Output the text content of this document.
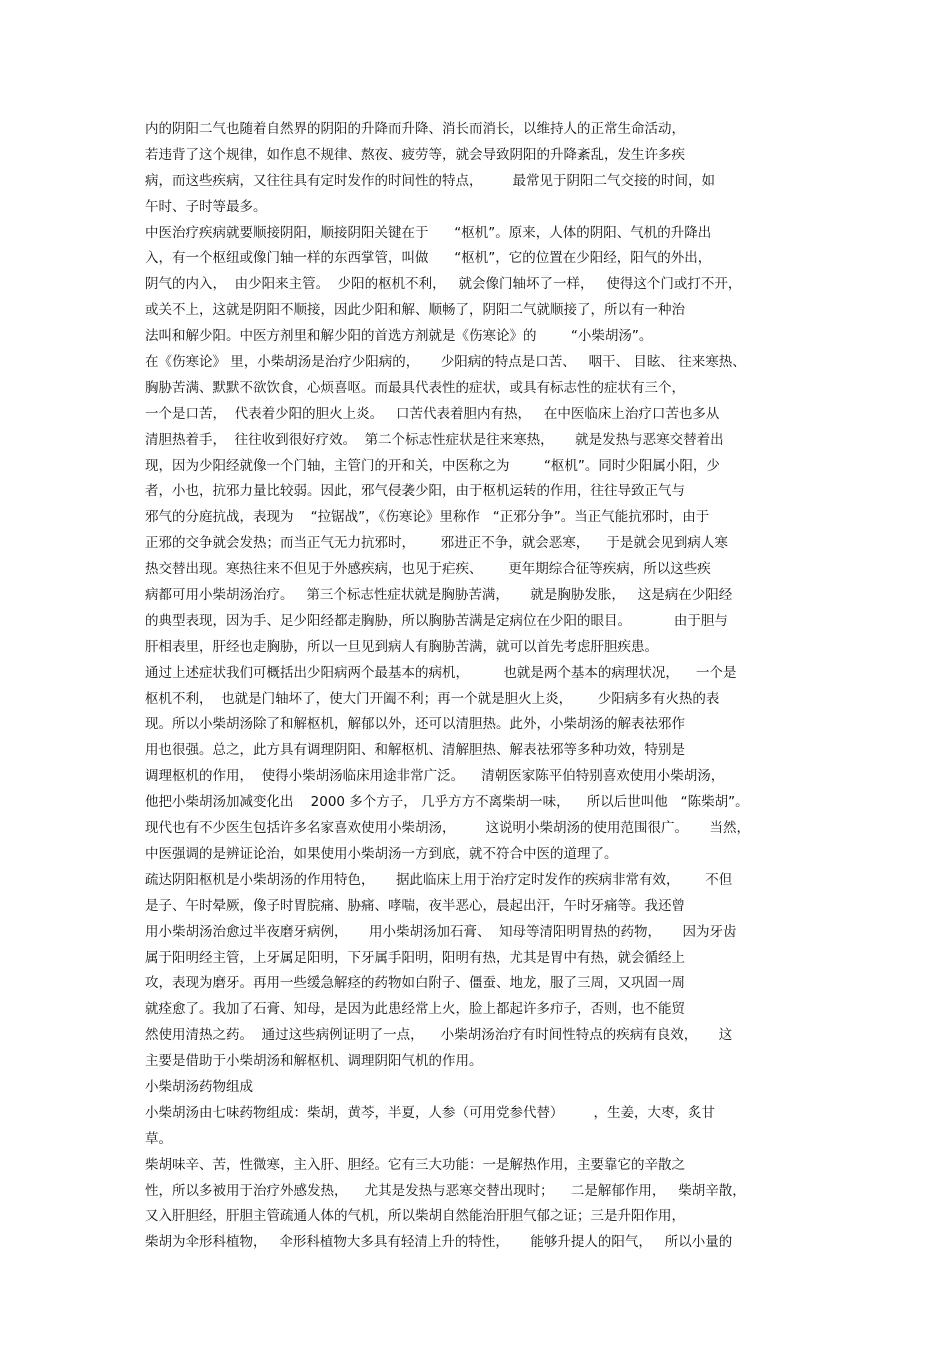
内的阴阳二气也随着自然界的阴阳的升降而升降、消长而消长，以维持人的正常生命活动，
若违背了这个规律，如作息不规律、熬夜、疲劳等，就会导致阴阳的升降紊乱，发生许多疾
病，而这些疾病，又往往具有定时发作的时间性的特点，       最常见于阴阳二气交接的时间，如
午时、子时等最多。
中医治疗疾病就要顺接阴阳，顺接阴阳关键在于      “枢机”。原来，人体的阴阳、气机的升降出
入，有一个枢纽或像门轴一样的东西掌管，叫做      “枢机”，它的位置在少阳经，阳气的外出，
阴气的内入，  由少阳来主管。  少阳的枢机不利，   就会像门轴坏了一样，   使得这个门或打不开，
或关不上，这就是阴阳不顺接，因此少阳和解、顺畅了，阴阳二气就顺接了，所以有一种治
法叫和解少阳。中医方剂里和解少阳的首选方剂就是《伤寒论》的        “小柴胡汤”。
在《伤寒论》 里，小柴胡汤是治疗少阳病的，     少阳病的特点是口苦、   咽干、 目眩、 往来寒热、
胸胁苦满、默默不欲饮食，心烦喜呕。而最具代表性的症状，或具有标志性的症状有三个，
一个是口苦，  代表着少阳的胆火上炎。   口苦代表着胆内有热，   在中医临床上治疗口苦也多从
清胆热着手，  往往收到很好疗效。  第二个标志性症状是往来寒热，     就是发热与恶寒交替着出
现，因为少阳经就像一个门轴，主管门的开和关，中医称之为        “枢机”。同时少阳属小阳，少
者，小也，抗邪力量比较弱。因此，邪气侵袭少阳，由于枢机运转的作用，往往导致正气与
邪气的分庭抗战，表现为    “拉锯战”，《伤寒论》里称作   “正邪分争”。当正气能抗邪时，由于
正邪的交争就会发热；而当正气无力抗邪时，      邪进正不争，就会恶寒，    于是就会见到病人寒
热交替出现。寒热往来不但见于外感疾病，也见于疟疾、      更年期综合征等疾病，所以这些疾
病都可用小柴胡汤治疗。   第三个标志性症状就是胸胁苦满，     就是胸胁发胀，   这是病在少阳经
的典型表现，因为手、足少阳经都走胸胁，所以胸胁苦满是定病位在少阳的眼目。          由于胆与
肝相表里，肝经也走胸胁，所以一旦见到病人有胸胁苦满，就可以首先考虑肝胆疾患。
通过上述症状我们可概括出少阳病两个最基本的病机，        也就是两个基本的病理状况，    一个是
枢机不利，  也就是门轴坏了，使大门开阖不利；再一个就是胆火上炎，      少阳病多有火热的表
现。所以小柴胡汤除了和解枢机，解郁以外，还可以清胆热。此外，小柴胡汤的解表祛邪作
用也很强。总之，此方具有调理阴阳、和解枢机、清解胆热、解表祛邪等多种功效，特别是
调理枢机的作用，  使得小柴胡汤临床用途非常广泛。    清朝医家陈平伯特别喜欢使用小柴胡汤，
他把小柴胡汤加减变化出    2000 多个方子， 几乎方方不离柴胡一味，    所以后世叫他   “陈柴胡”。
现代也有不少医生包括许多名家喜欢使用小柴胡汤，       这说明小柴胡汤的使用范围很广。     当然，
中医强调的是辨证论治，如果使用小柴胡汤一方到底，就不符合中医的道理了。
疏达阴阳枢机是小柴胡汤的作用特色，     据此临床上用于治疗定时发作的疾病非常有效，      不但
是子、午时晕厥，像子时胃脘痛、胁痛、哮喘，夜半恶心，晨起出汗，午时牙痛等。我还曾
用小柴胡汤治愈过半夜磨牙病例，     用小柴胡汤加石膏、  知母等清阳明胃热的药物，     因为牙齿
属于阳明经主管，上牙属足阳明，下牙属手阳明，阳明有热，尤其是胃中有热，就会循经上
攻，表现为磨牙。再用一些缓急解痉的药物如白附子、僵蚕、地龙，服了三周，又巩固一周
就痊愈了。我加了石膏、知母，是因为此患经常上火，脸上都起许多疖子，否则，也不能贸
然使用清热之药。  通过这些病例证明了一点，    小柴胡汤治疗有时间性特点的疾病有良效，     这
主要是借助于小柴胡汤和解枢机、调理阴阳气机的作用。
小柴胡汤药物组成
小柴胡汤由七味药物组成：柴胡，黄芩，半夏，人参（可用党参代替）       ，生姜，大枣，炙甘
草。
柴胡味辛、苦，性微寒，主入肝、胆经。它有三大功能：一是解热作用，主要靠它的辛散之
性，所以多被用于治疗外感发热，    尤其是发热与恶寒交替出现时；    二是解郁作用，   柴胡辛散，
又入肝胆经，肝胆主管疏通人体的气机，所以柴胡自然能治肝胆气郁之证；三是升阳作用，
柴胡为伞形科植物，   伞形科植物大多具有轻清上升的特性，     能够升提人的阳气，   所以小量的
